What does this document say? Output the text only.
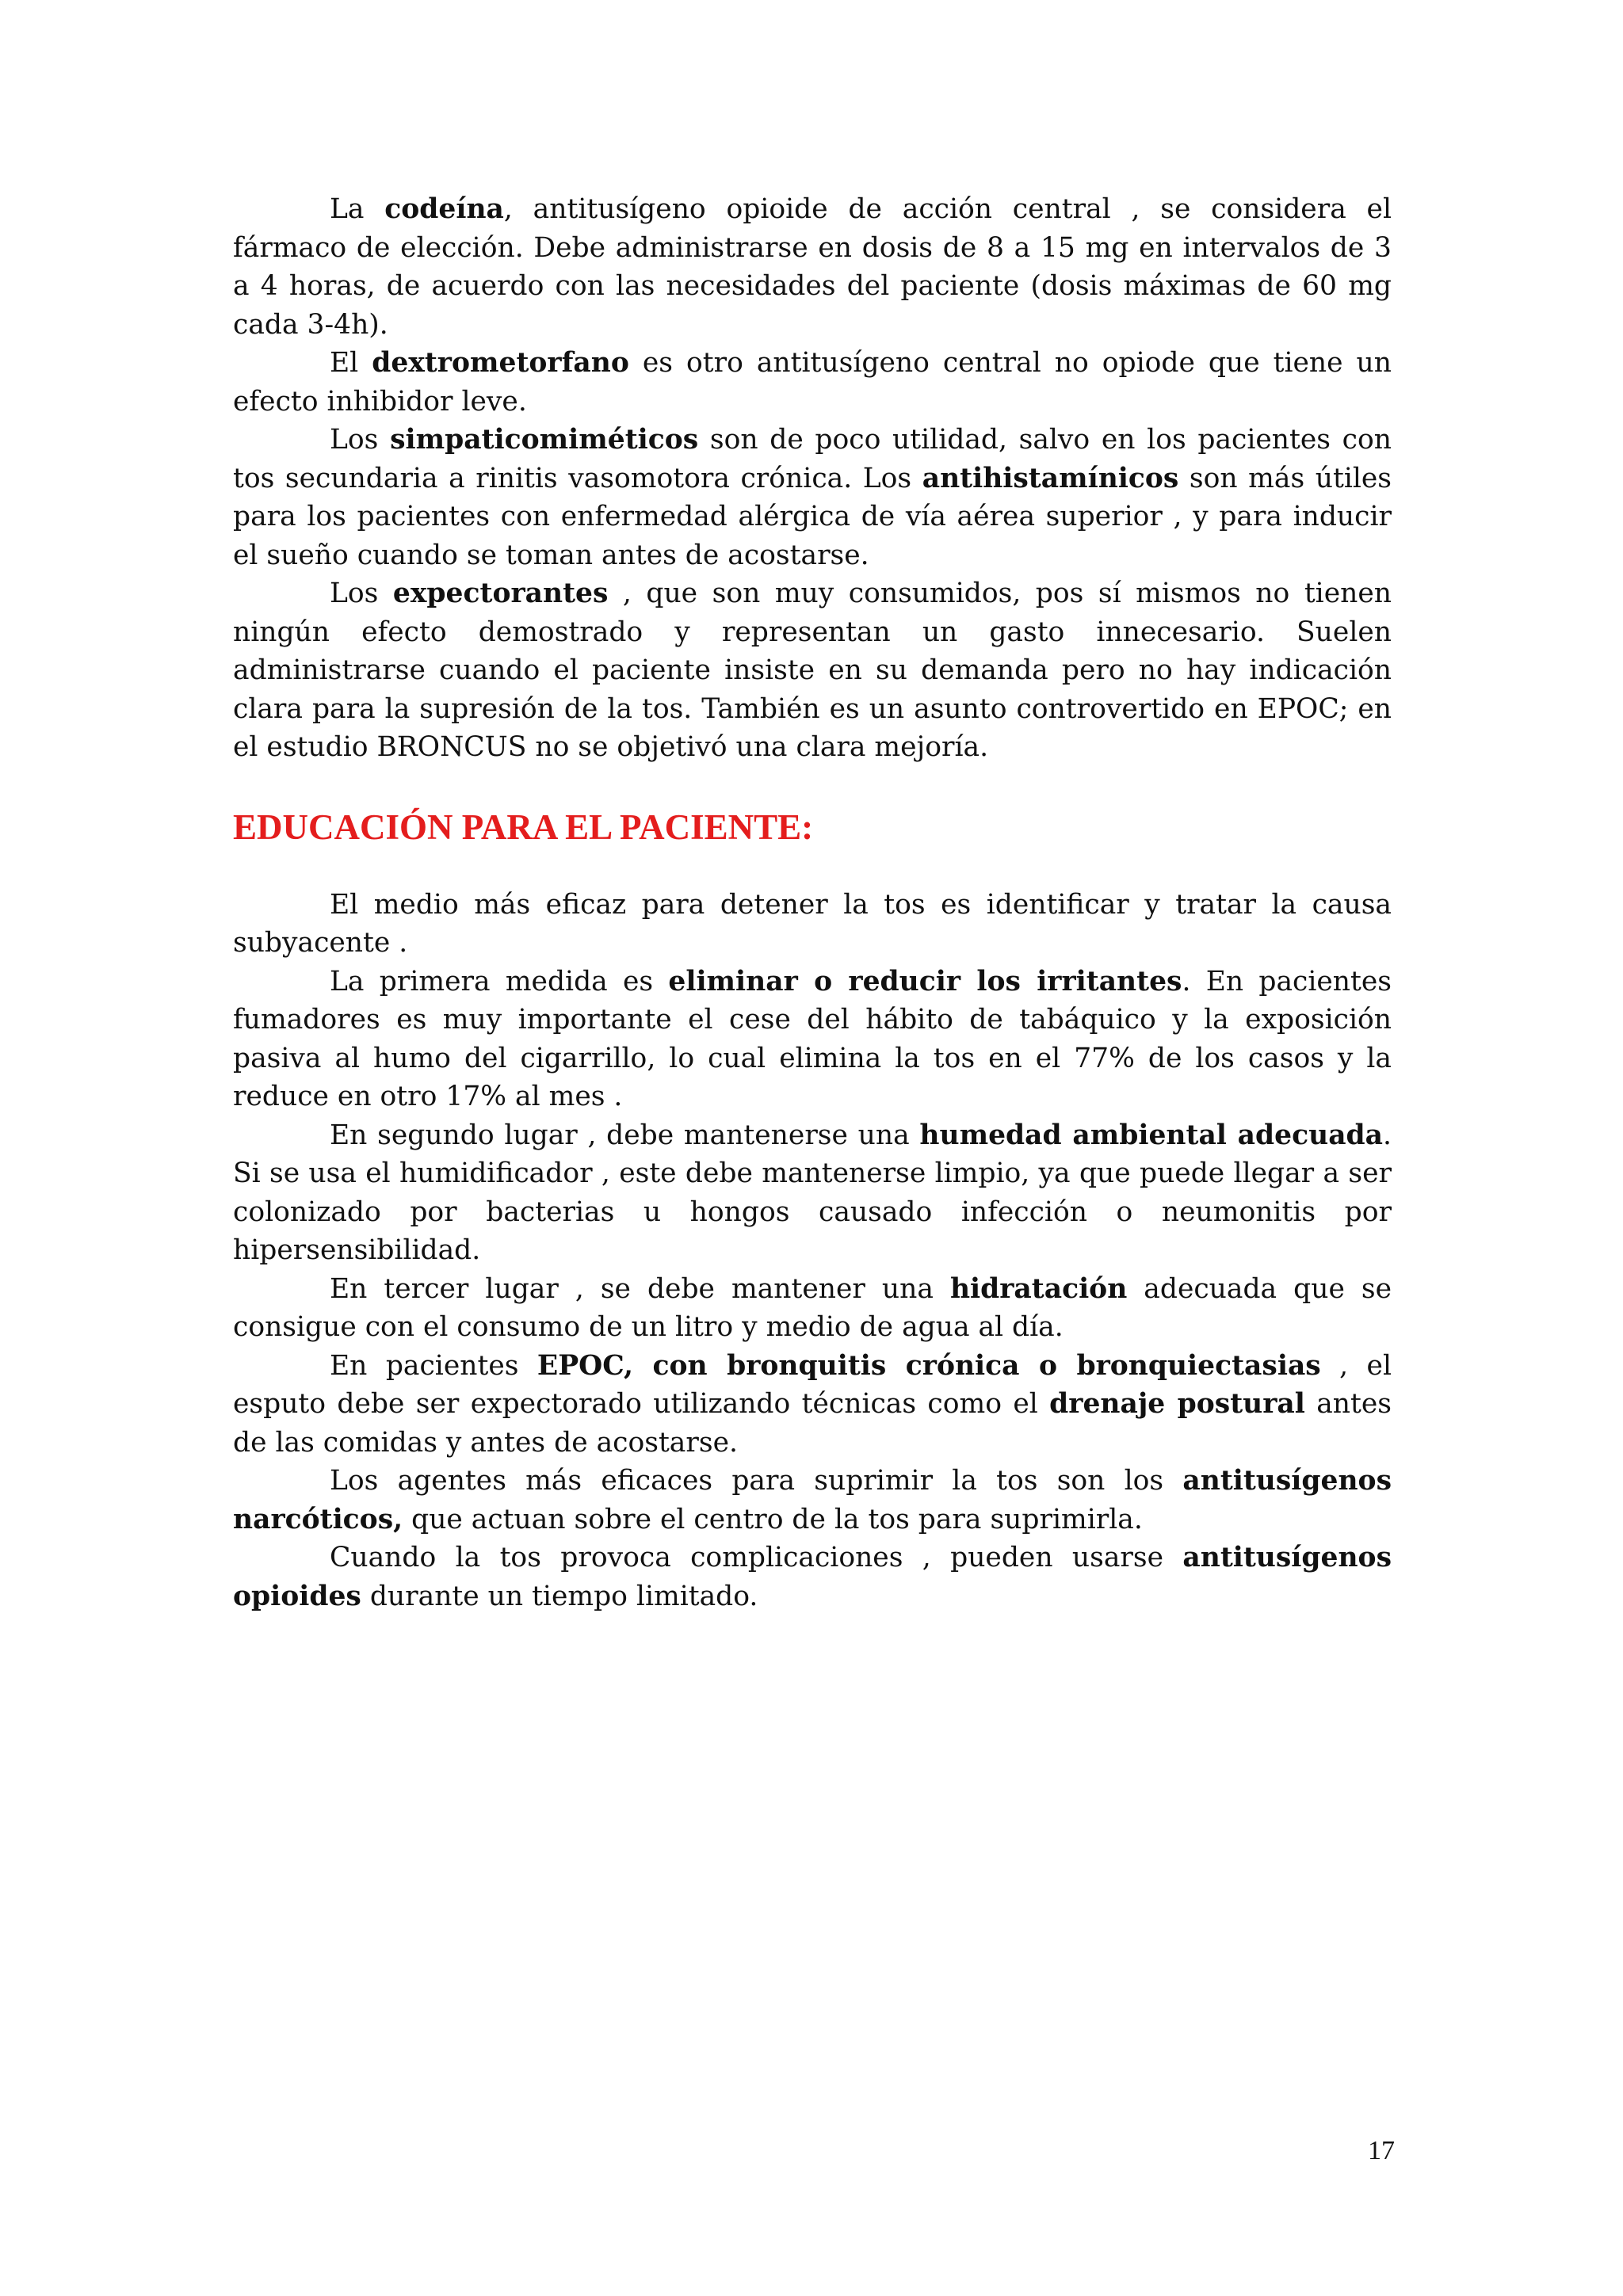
La codeína, antitusígeno opioide de acción central , se considera el fármaco de elección. Debe administrarse en dosis de 8 a 15 mg en intervalos de 3 a 4 horas, de acuerdo con las necesidades del paciente (dosis máximas de 60 mg cada 3-4h).

El dextrometorfano es otro antitusígeno central no opiode que tiene un efecto inhibidor leve.

Los simpaticomiméticos son de poco utilidad, salvo en los pacientes con tos secundaria a rinitis vasomotora crónica. Los antihistamínicos son más útiles para los pacientes con enfermedad alérgica de vía aérea superior , y para inducir el sueño cuando se toman antes de acostarse.

Los expectorantes , que son muy consumidos, pos sí mismos no tienen ningún efecto demostrado y representan un gasto innecesario. Suelen administrarse cuando el paciente insiste en su demanda pero no hay indicación clara para la supresión de la tos. También es un asunto controvertido en EPOC; en el estudio BRONCUS no se objetivó una clara mejoría.

EDUCACIÓN PARA EL PACIENTE:

El medio más eficaz para detener la tos es identificar y tratar la causa subyacente .

La primera medida es eliminar o reducir los irritantes. En pacientes fumadores es muy importante el cese del hábito de tabáquico y la exposición pasiva al humo del cigarrillo, lo cual elimina la tos en el 77% de los casos y la reduce en otro 17% al mes .

En segundo lugar , debe mantenerse una humedad ambiental adecuada. Si se usa el humidificador , este debe mantenerse limpio, ya que puede llegar a ser colonizado por bacterias u hongos causado infección o neumonitis por hipersensibilidad.

En tercer lugar , se debe mantener una hidratación adecuada que se consigue con el consumo de un litro y medio de agua al día.

En pacientes EPOC, con bronquitis crónica o bronquiectasias , el esputo debe ser expectorado utilizando técnicas como el drenaje postural antes de las comidas y antes de acostarse.

Los agentes más eficaces para suprimir la tos son los antitusígenos narcóticos, que actuan sobre el centro de la tos para suprimirla.

Cuando la tos provoca complicaciones , pueden usarse antitusígenos opioides durante un tiempo limitado.

17
